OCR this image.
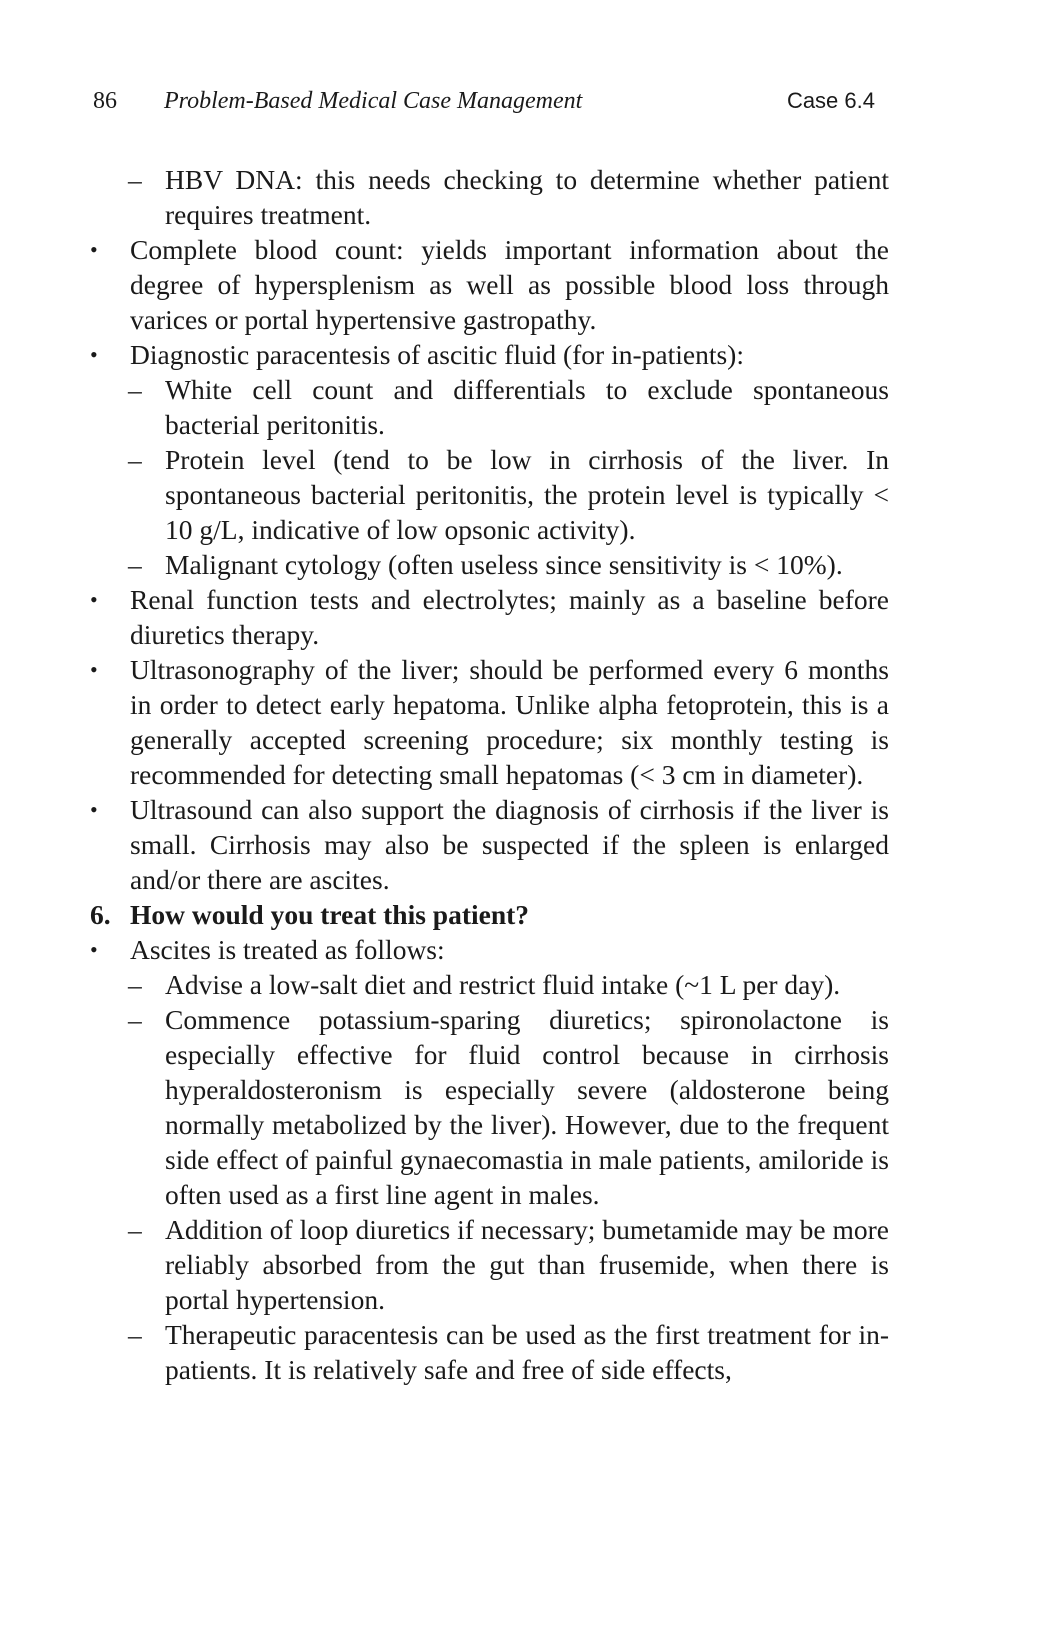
86 Problem-Based Medical Case Management	Case 6.4
– HBV DNA: this needs checking to determine whether patient requires treatment.
• Complete blood count: yields important information about the degree of hypersplenism as well as possible blood loss through varices or portal hypertensive gastropathy.
• Diagnostic paracentesis of ascitic fluid (for in-patients):
– White cell count and differentials to exclude spontaneous bacterial peritonitis.
– Protein level (tend to be low in cirrhosis of the liver. In spontaneous bacterial peritonitis, the protein level is typically < 10 g/L, indicative of low opsonic activity).
– Malignant cytology (often useless since sensitivity is < 10%).
• Renal function tests and electrolytes; mainly as a baseline before diuretics therapy.
• Ultrasonography of the liver; should be performed every 6 months in order to detect early hepatoma. Unlike alpha fetoprotein, this is a generally accepted screening procedure; six monthly testing is recommended for detecting small hepatomas (< 3 cm in diameter).
• Ultrasound can also support the diagnosis of cirrhosis if the liver is small. Cirrhosis may also be suspected if the spleen is enlarged and/or there are ascites.
6. How would you treat this patient?
• Ascites is treated as follows:
– Advise a low-salt diet and restrict fluid intake (~1 L per day).
– Commence potassium-sparing diuretics; spironolactone is especially effective for fluid control because in cirrhosis hyperaldosteronism is especially severe (aldosterone being normally metabolized by the liver). However, due to the frequent side effect of painful gynaecomastia in male patients, amiloride is often used as a first line agent in males.
– Addition of loop diuretics if necessary; bumetamide may be more reliably absorbed from the gut than frusemide, when there is portal hypertension.
– Therapeutic paracentesis can be used as the first treatment for in-patients. It is relatively safe and free of side effects,
